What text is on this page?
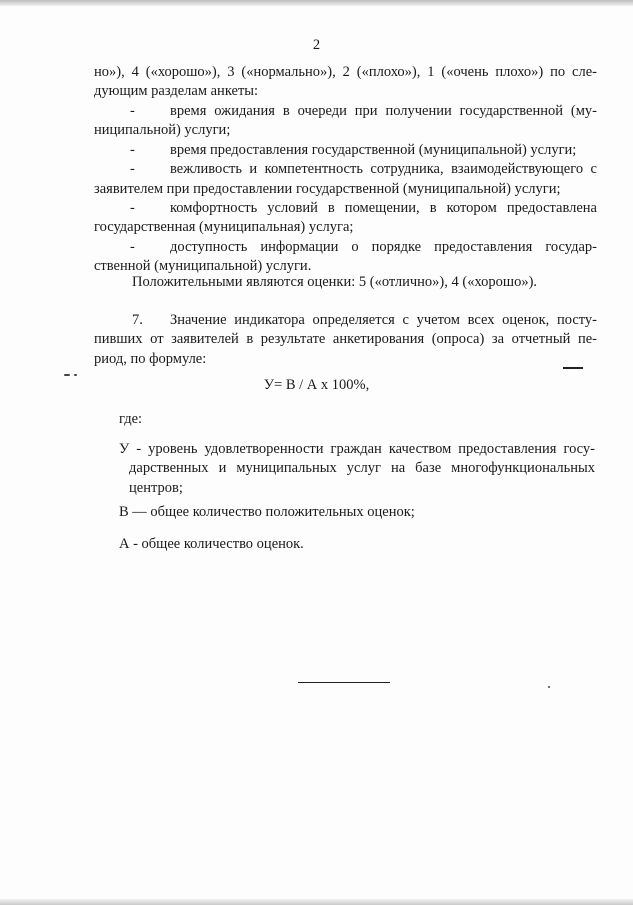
2
но»), 4 («хорошо»), 3 («нормально»), 2 («плохо»), 1 («очень плохо») по сле-
дующим разделам анкеты:
-	время ожидания в очереди при получении государственной (му-
ниципальной) услуги;
-	время предоставления государственной (муниципальной) услуги;
-	вежливость и компетентность сотрудника, взаимодействующего с
заявителем при предоставлении государственной (муниципальной) услуги;
-	комфортность условий в помещении, в котором предоставлена
государственная (муниципальная) услуга;
-	доступность информации о порядке предоставления государ-
ственной (муниципальной) услуги.
Положительными являются оценки: 5 («отлично»), 4 («хорошо»).
7.	Значение индикатора определяется с учетом всех оценок, посту-
пивших от заявителей в результате анкетирования (опроса) за отчетный пе-
риод, по формуле:
У= В / А х 100%,
где:
У - уровень удовлетворенности граждан качеством предоставления госу-
дарственных и муниципальных услуг на базе многофункциональных
центров;
В — общее количество положительных оценок;
А - общее количество оценок.
